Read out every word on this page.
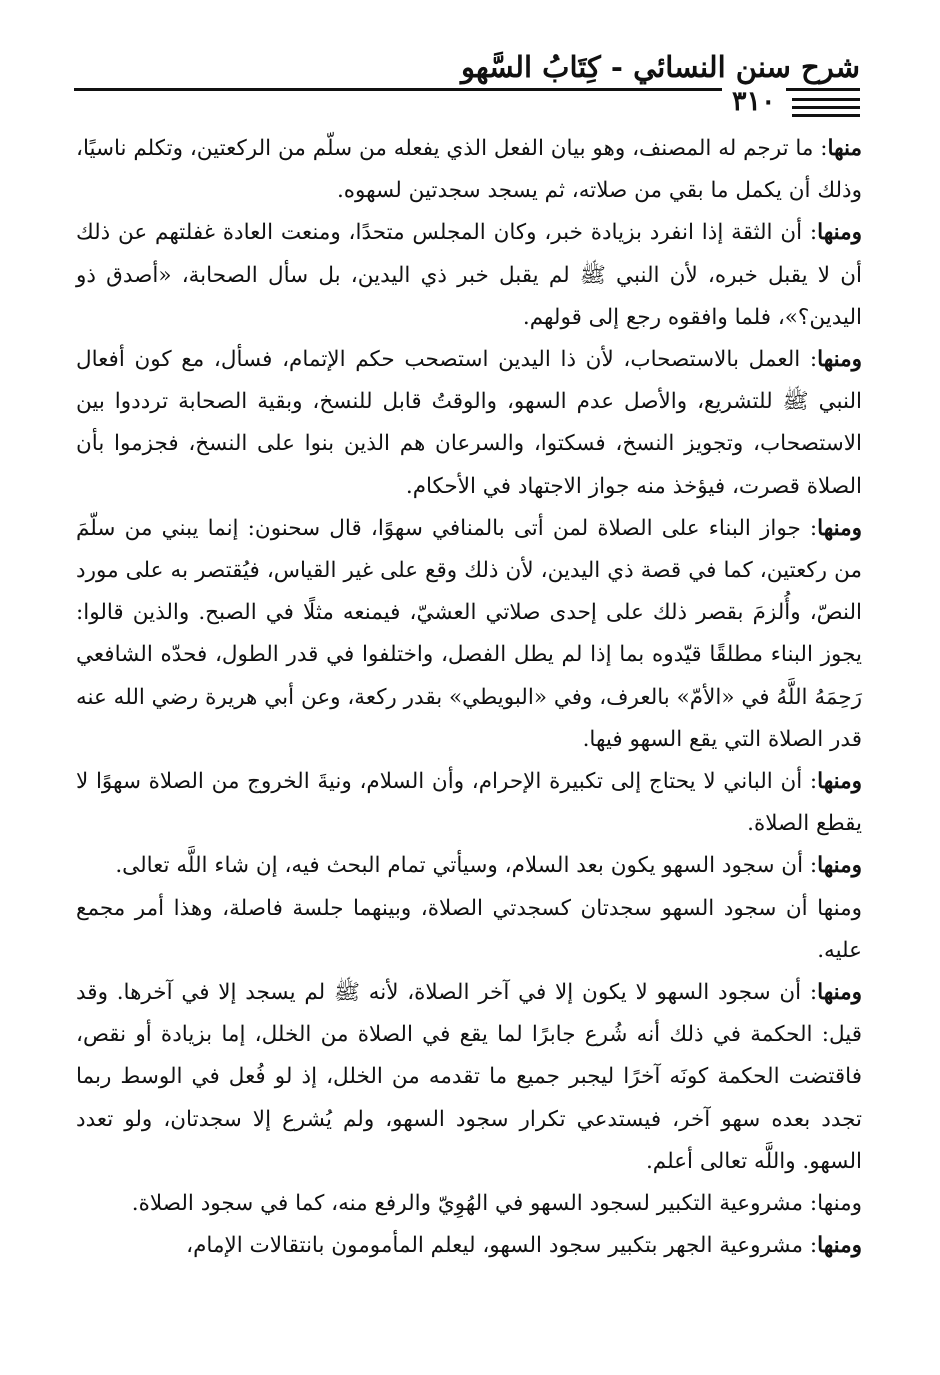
شرح سنن النسائي - كِتَابُ السَّهو
٣١٠

منها: ما ترجم له المصنف، وهو بيان الفعل الذي يفعله من سلّم من الركعتين، وتكلم ناسيًا، وذلك أن يكمل ما بقي من صلاته، ثم يسجد سجدتين لسهوه.

ومنها: أن الثقة إذا انفرد بزيادة خبر، وكان المجلس متحدًا، ومنعت العادة غفلتهم عن ذلك أن لا يقبل خبره، لأن النبي ﷺ لم يقبل خبر ذي اليدين، بل سأل الصحابة، «أصدق ذو اليدين؟»، فلما وافقوه رجع إلى قولهم.

ومنها: العمل بالاستصحاب، لأن ذا اليدين استصحب حكم الإتمام، فسأل، مع كون أفعال النبي ﷺ للتشريع، والأصل عدم السهو، والوقتُ قابل للنسخ، وبقية الصحابة ترددوا بين الاستصحاب، وتجويز النسخ، فسكتوا، والسرعان هم الذين بنوا على النسخ، فجزموا بأن الصلاة قصرت، فيؤخذ منه جواز الاجتهاد في الأحكام.

ومنها: جواز البناء على الصلاة لمن أتى بالمنافي سهوًا، قال سحنون: إنما يبني من سلّمَ من ركعتين، كما في قصة ذي اليدين، لأن ذلك وقع على غير القياس، فيُقتصر به على مورد النصّ، وأُلزمَ بقصر ذلك على إحدى صلاتي العشيّ، فيمنعه مثلًا في الصبح. والذين قالوا: يجوز البناء مطلقًا قيّدوه بما إذا لم يطل الفصل، واختلفوا في قدر الطول، فحدّه الشافعي رَحِمَهُ اللَّهُ في «الأمّ» بالعرف، وفي «البويطي» بقدر ركعة، وعن أبي هريرة رضي الله عنه قدر الصلاة التي يقع السهو فيها.

ومنها: أن الباني لا يحتاج إلى تكبيرة الإحرام، وأن السلام، ونيةَ الخروج من الصلاة سهوًا لا يقطع الصلاة.

ومنها: أن سجود السهو يكون بعد السلام، وسيأتي تمام البحث فيه، إن شاء اللَّه تعالى.

ومنها أن سجود السهو سجدتان كسجدتي الصلاة، وبينهما جلسة فاصلة، وهذا أمر مجمع عليه.

ومنها: أن سجود السهو لا يكون إلا في آخر الصلاة، لأنه ﷺ لم يسجد إلا في آخرها. وقد قيل: الحكمة في ذلك أنه شُرع جابرًا لما يقع في الصلاة من الخلل، إما بزيادة أو نقص، فاقتضت الحكمة كونَه آخرًا ليجبر جميع ما تقدمه من الخلل، إذ لو فُعل في الوسط ربما تجدد بعده سهو آخر، فيستدعي تكرار سجود السهو، ولم يُشرع إلا سجدتان، ولو تعدد السهو. واللَّه تعالى أعلم.

ومنها: مشروعية التكبير لسجود السهو في الهُوِيّ والرفع منه، كما في سجود الصلاة.

ومنها: مشروعية الجهر بتكبير سجود السهو، ليعلم المأمومون بانتقالات الإمام،
